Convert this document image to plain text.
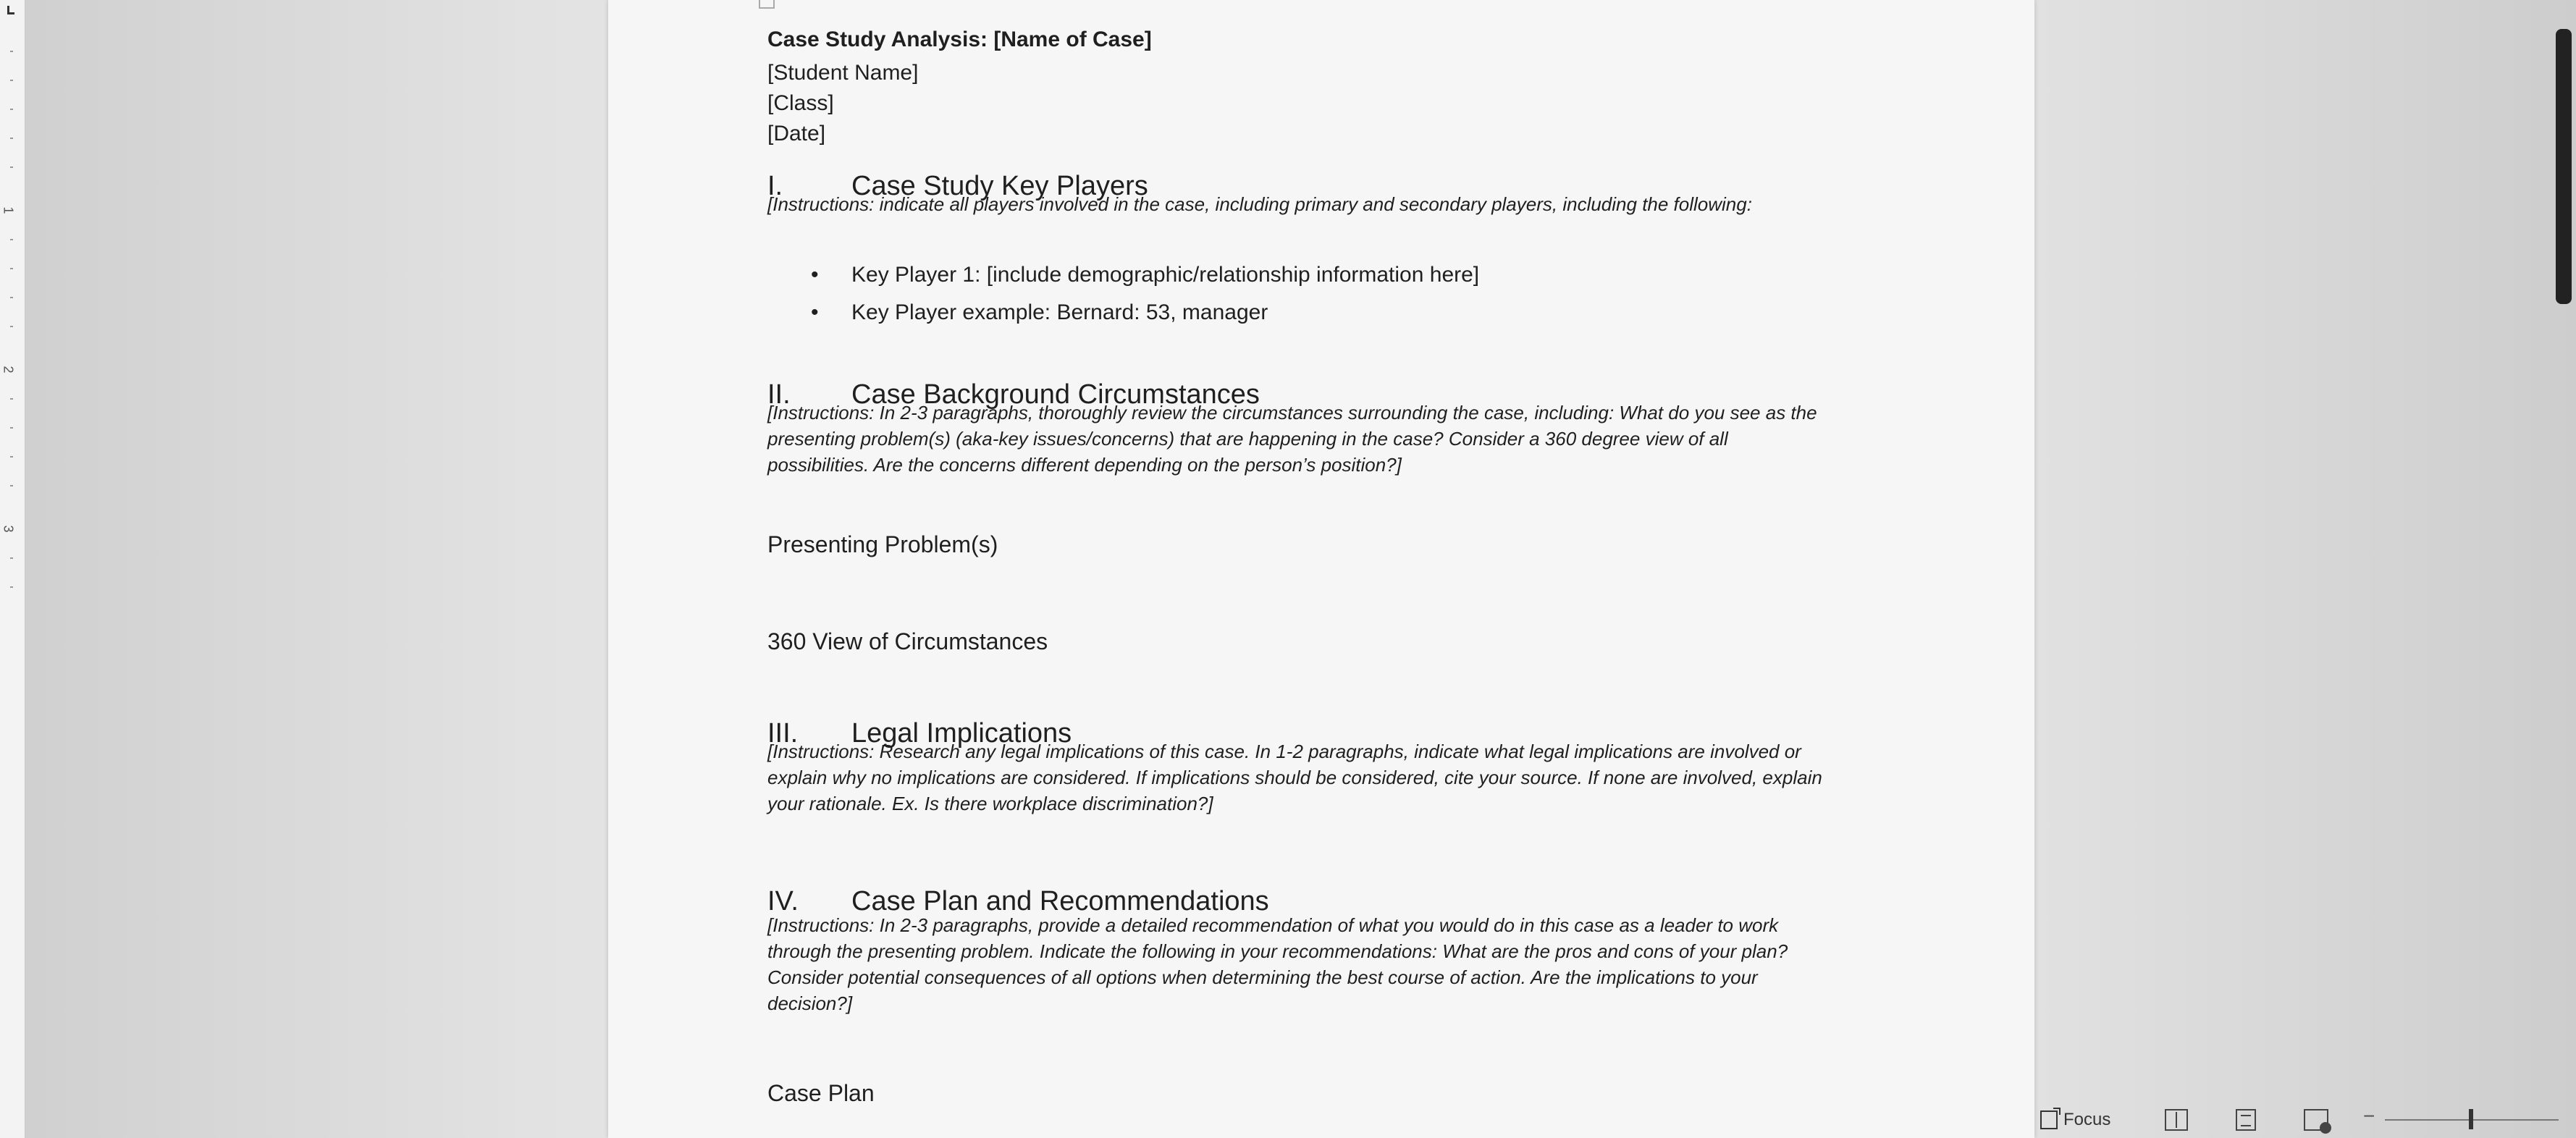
1
2
3
Case Study Analysis: [Name of Case]
[Student Name]
[Class]
[Date]
I.	Case Study Key Players
[Instructions: indicate all players involved in the case, including primary and secondary players, including the following:
• Key Player 1: [include demographic/relationship information here]
• Key Player example: Bernard: 53, manager
II.	Case Background Circumstances
[Instructions: In 2-3 paragraphs, thoroughly review the circumstances surrounding the case, including: What do you see as the presenting problem(s) (aka-key issues/concerns) that are happening in the case? Consider a 360 degree view of all possibilities. Are the concerns different depending on the person’s position?]
Presenting Problem(s)
360 View of Circumstances
III.	Legal Implications
[Instructions: Research any legal implications of this case. In 1-2 paragraphs, indicate what legal implications are involved or explain why no implications are considered. If implications should be considered, cite your source. If none are involved, explain your rationale. Ex. Is there workplace discrimination?]
IV.	Case Plan and Recommendations
[Instructions: In 2-3 paragraphs, provide a detailed recommendation of what you would do in this case as a leader to work through the presenting problem. Indicate the following in your recommendations: What are the pros and cons of your plan? Consider potential consequences of all options when determining the best course of action. Are the implications to your decision?]
Case Plan
Focus	−
